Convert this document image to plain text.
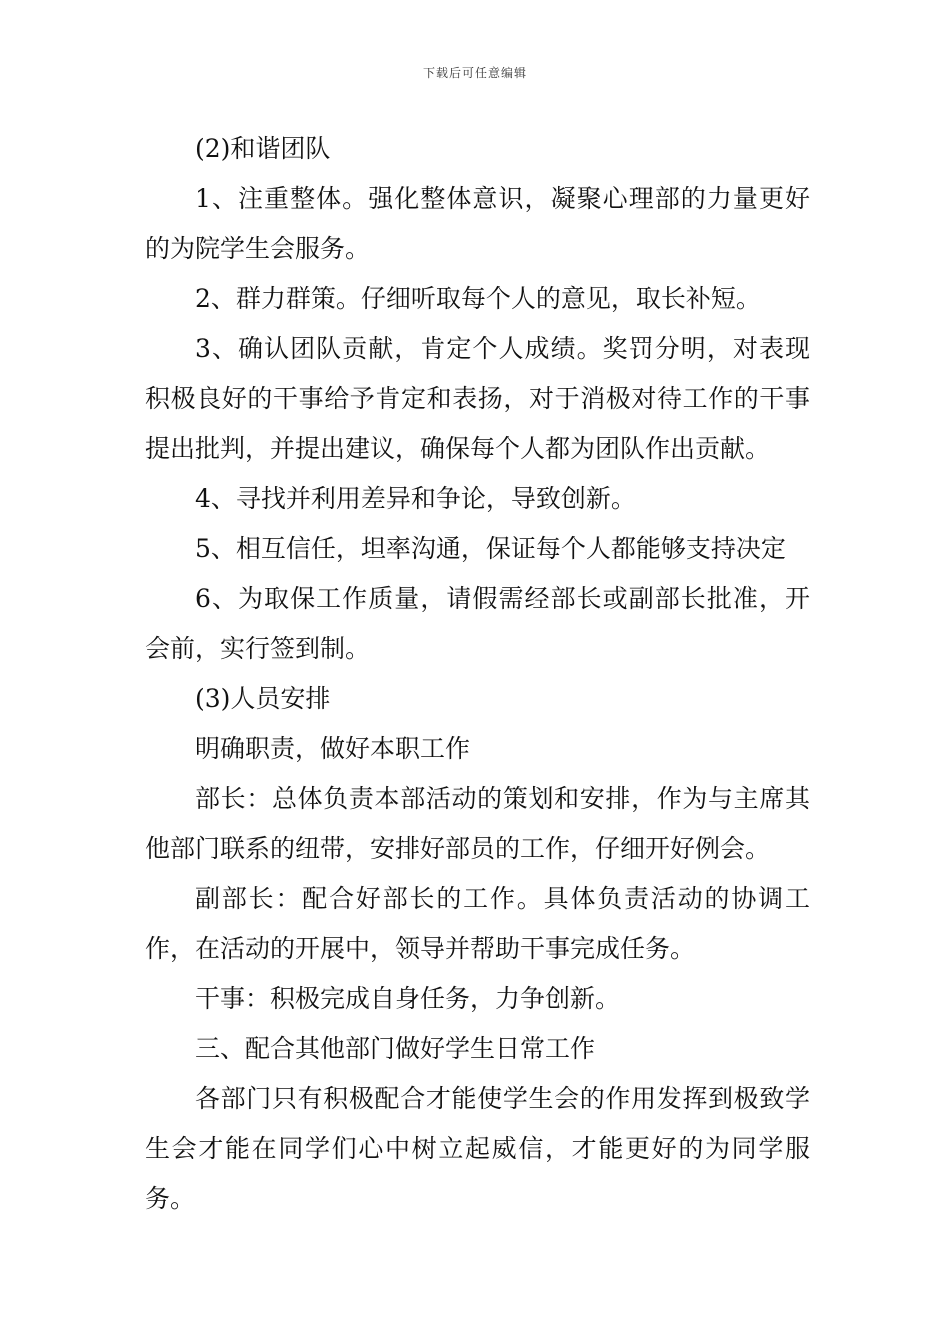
下载后可任意编辑

(2)和谐团队

1、注重整体。强化整体意识，凝聚心理部的力量更好的为院学生会服务。

2、群力群策。仔细听取每个人的意见，取长补短。

3、确认团队贡献，肯定个人成绩。奖罚分明，对表现积极良好的干事给予肯定和表扬，对于消极对待工作的干事提出批判，并提出建议，确保每个人都为团队作出贡献。

4、寻找并利用差异和争论，导致创新。

5、相互信任，坦率沟通，保证每个人都能够支持决定

6、为取保工作质量，请假需经部长或副部长批准，开会前，实行签到制。

(3)人员安排

明确职责，做好本职工作

部长：总体负责本部活动的策划和安排，作为与主席其他部门联系的纽带，安排好部员的工作，仔细开好例会。

副部长：配合好部长的工作。具体负责活动的协调工作，在活动的开展中，领导并帮助干事完成任务。

干事：积极完成自身任务，力争创新。

三、配合其他部门做好学生日常工作

各部门只有积极配合才能使学生会的作用发挥到极致学生会才能在同学们心中树立起威信，才能更好的为同学服务。
